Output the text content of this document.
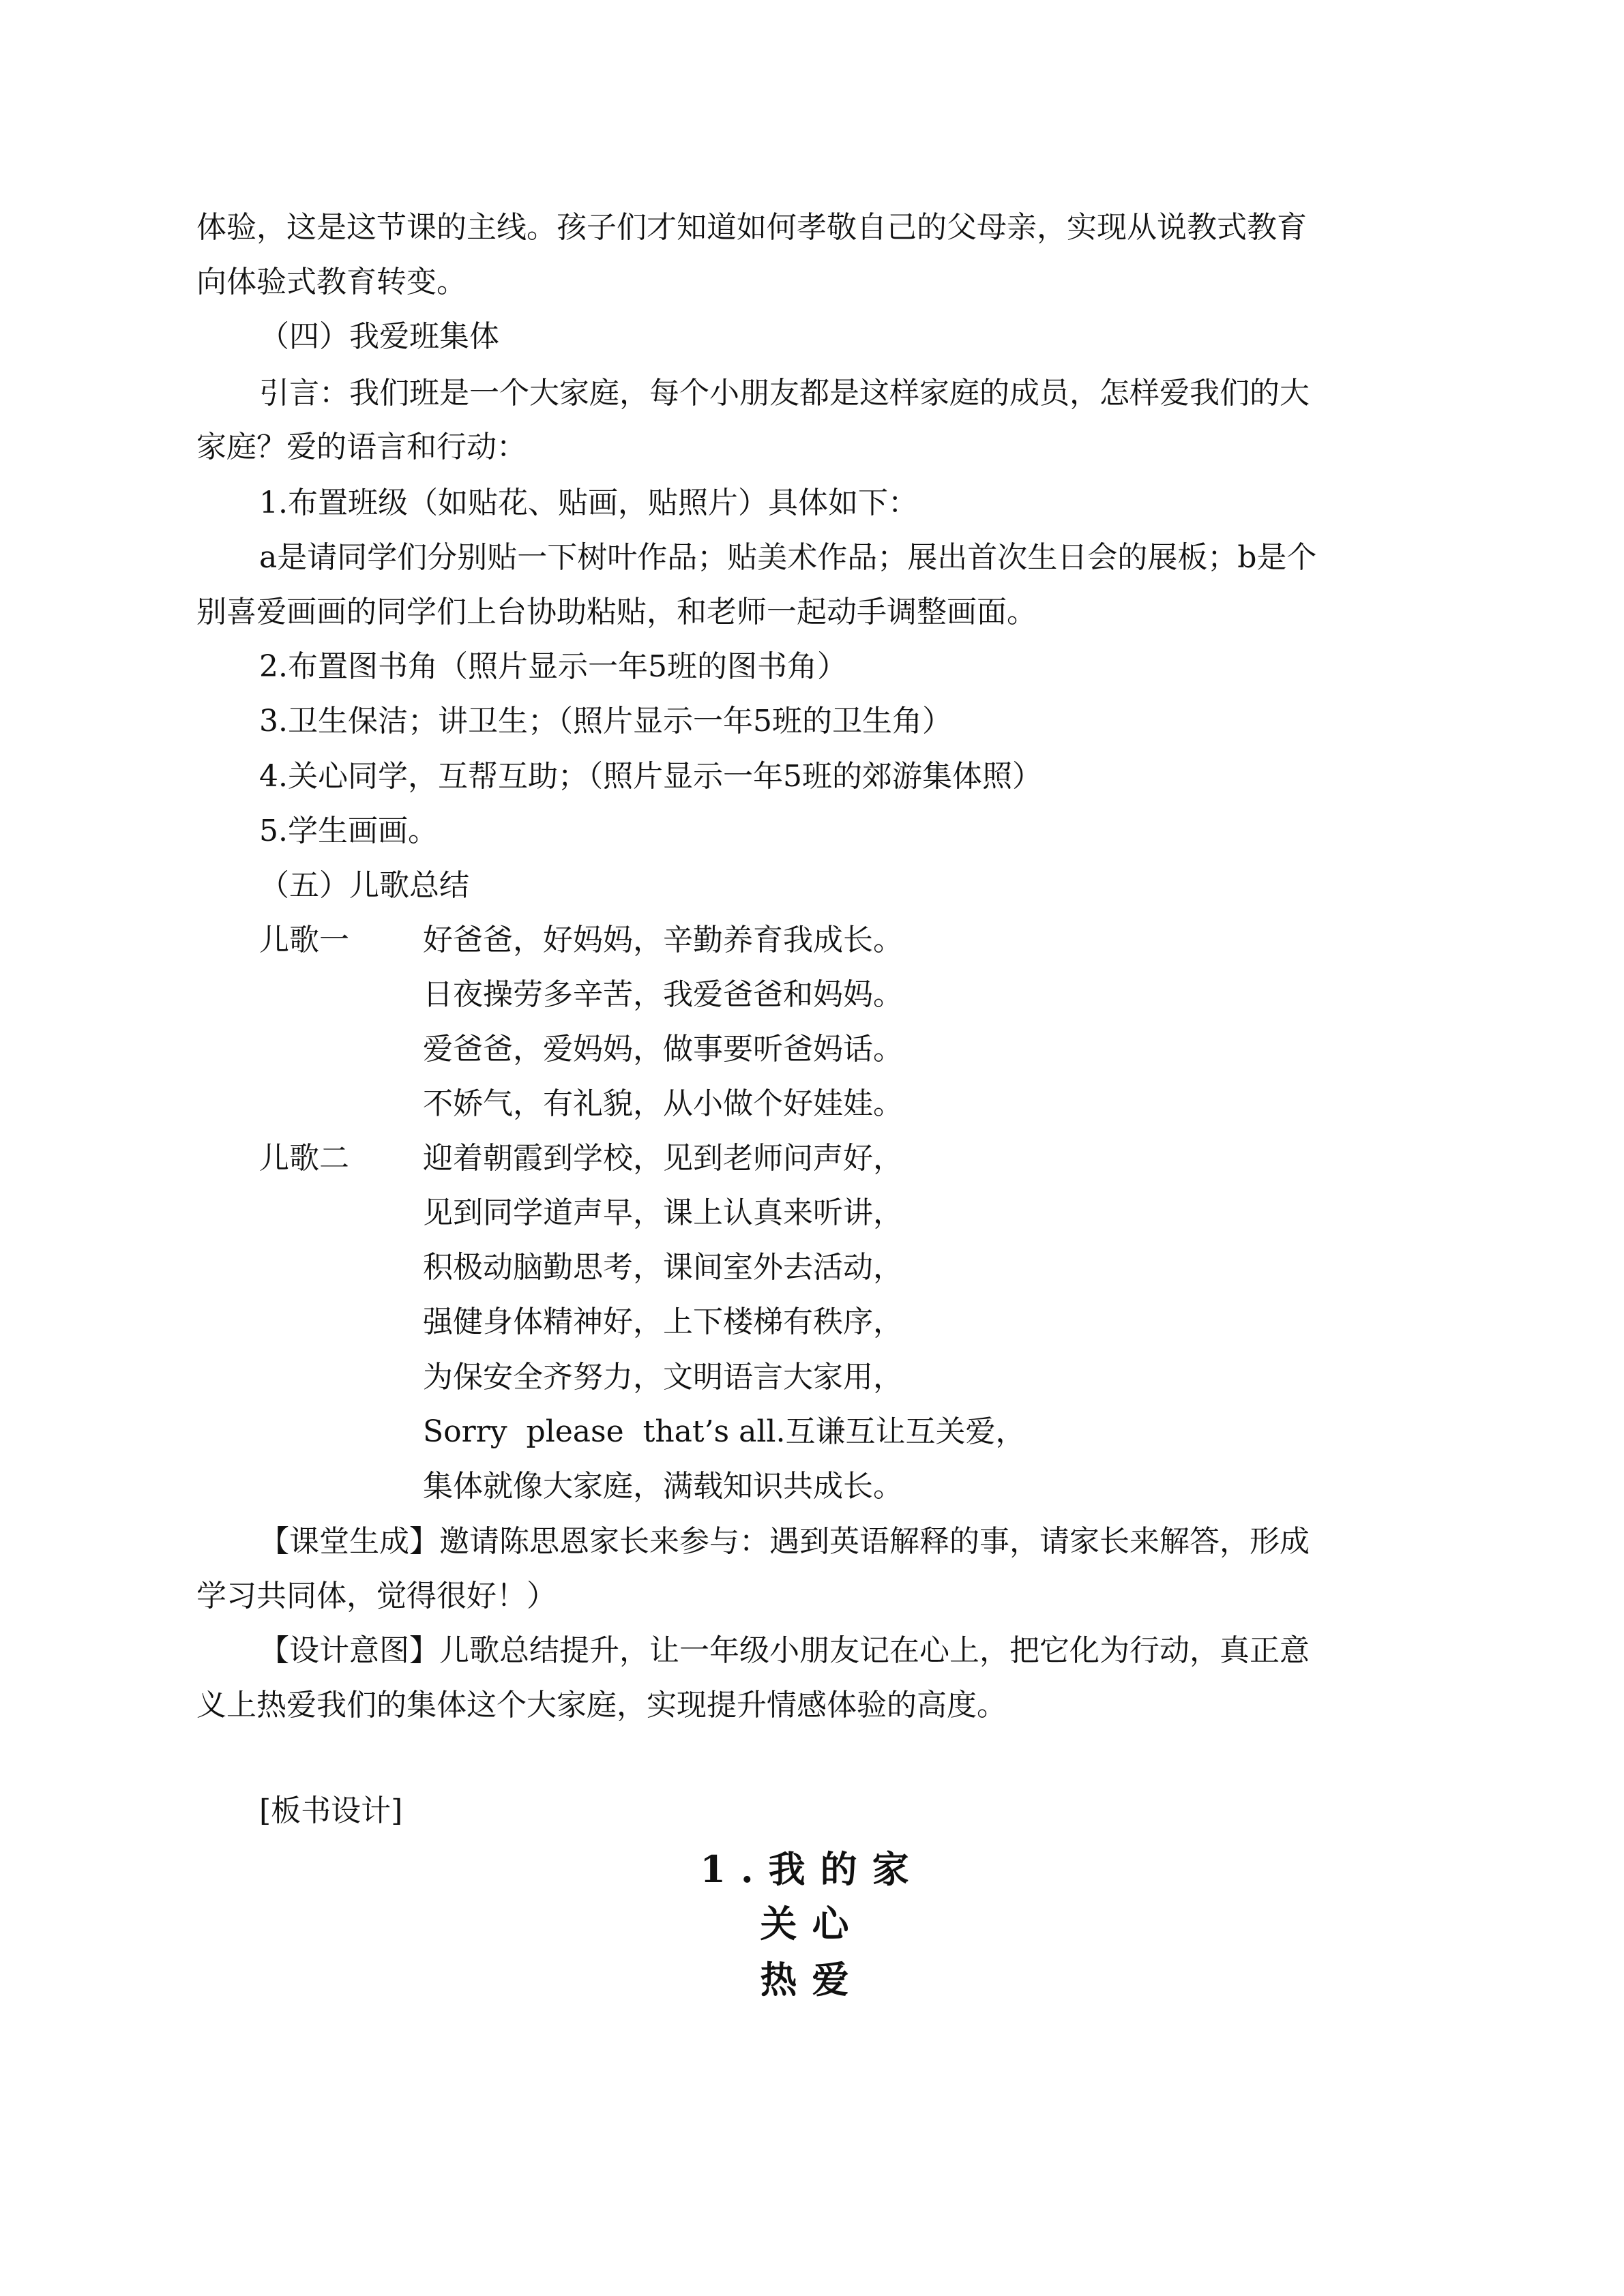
体验，这是这节课的主线。孩子们才知道如何孝敬自己的父母亲，实现从说教式教育
向体验式教育转变。
（四）我爱班集体
引言：我们班是一个大家庭，每个小朋友都是这样家庭的成员，怎样爱我们的大
家庭？爱的语言和行动：
1.布置班级（如贴花、贴画，贴照片）具体如下：
a是请同学们分别贴一下树叶作品；贴美术作品；展出首次生日会的展板；b是个
别喜爱画画的同学们上台协助粘贴，和老师一起动手调整画面。
2.布置图书角（照片显示一年5班的图书角）
3.卫生保洁；讲卫生；（照片显示一年5班的卫生角）
4.关心同学，互帮互助；（照片显示一年5班的郊游集体照）
5.学生画画。
（五）儿歌总结
儿歌一 好爸爸，好妈妈，辛勤养育我成长。
日夜操劳多辛苦，我爱爸爸和妈妈。
爱爸爸，爱妈妈，做事要听爸妈话。
不娇气，有礼貌，从小做个好娃娃。
儿歌二 迎着朝霞到学校，见到老师问声好，
见到同学道声早，课上认真来听讲，
积极动脑勤思考，课间室外去活动，
强健身体精神好，上下楼梯有秩序，
为保安全齐努力，文明语言大家用，
Sorry  please  that’s all.互谦互让互关爱，
集体就像大家庭，满载知识共成长。
【课堂生成】邀请陈思恩家长来参与：遇到英语解释的事，请家长来解答，形成
学习共同体，觉得很好！）
【设计意图】儿歌总结提升，让一年级小朋友记在心上，把它化为行动，真正意
义上热爱我们的集体这个大家庭，实现提升情感体验的高度。
[板书设计]
1.我的家
关心
热爱
